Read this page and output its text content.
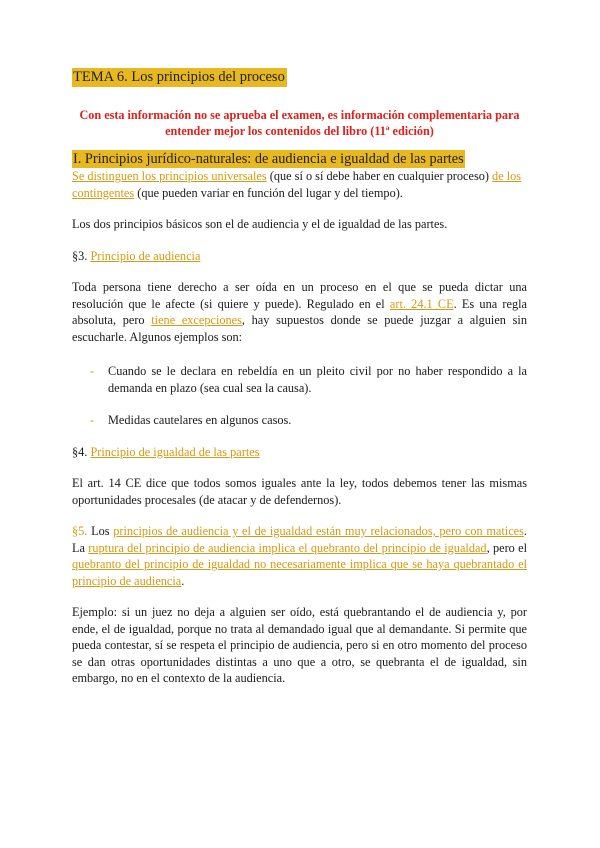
TEMA 6. Los principios del proceso
Con esta información no se aprueba el examen, es información complementaria para entender mejor los contenidos del libro (11ª edición)
I. Principios jurídico-naturales: de audiencia e igualdad de las partes

Se distinguen los principios universales (que sí o sí debe haber en cualquier proceso) de los contingentes (que pueden variar en función del lugar y del tiempo).

Los dos principios básicos son el de audiencia y el de igualdad de las partes.

§3. Principio de audiencia

Toda persona tiene derecho a ser oída en un proceso en el que se pueda dictar una resolución que le afecte (si quiere y puede). Regulado en el art. 24.1 CE. Es una regla absoluta, pero tiene excepciones, hay supuestos donde se puede juzgar a alguien sin escucharle. Algunos ejemplos son:

- Cuando se le declara en rebeldía en un pleito civil por no haber respondido a la demanda en plazo (sea cual sea la causa).
- Medidas cautelares en algunos casos.

§4. Principio de igualdad de las partes

El art. 14 CE dice que todos somos iguales ante la ley, todos debemos tener las mismas oportunidades procesales (de atacar y de defendernos).

§5. Los principios de audiencia y el de igualdad están muy relacionados, pero con matices. La ruptura del principio de audiencia implica el quebranto del principio de igualdad, pero el quebranto del principio de igualdad no necesariamente implica que se haya quebrantado el principio de audiencia.

Ejemplo: si un juez no deja a alguien ser oído, está quebrantando el de audiencia y, por ende, el de igualdad, porque no trata al demandado igual que al demandante. Si permite que pueda contestar, sí se respeta el principio de audiencia, pero si en otro momento del proceso se dan otras oportunidades distintas a uno que a otro, se quebranta el de igualdad, sin embargo, no en el contexto de la audiencia.
